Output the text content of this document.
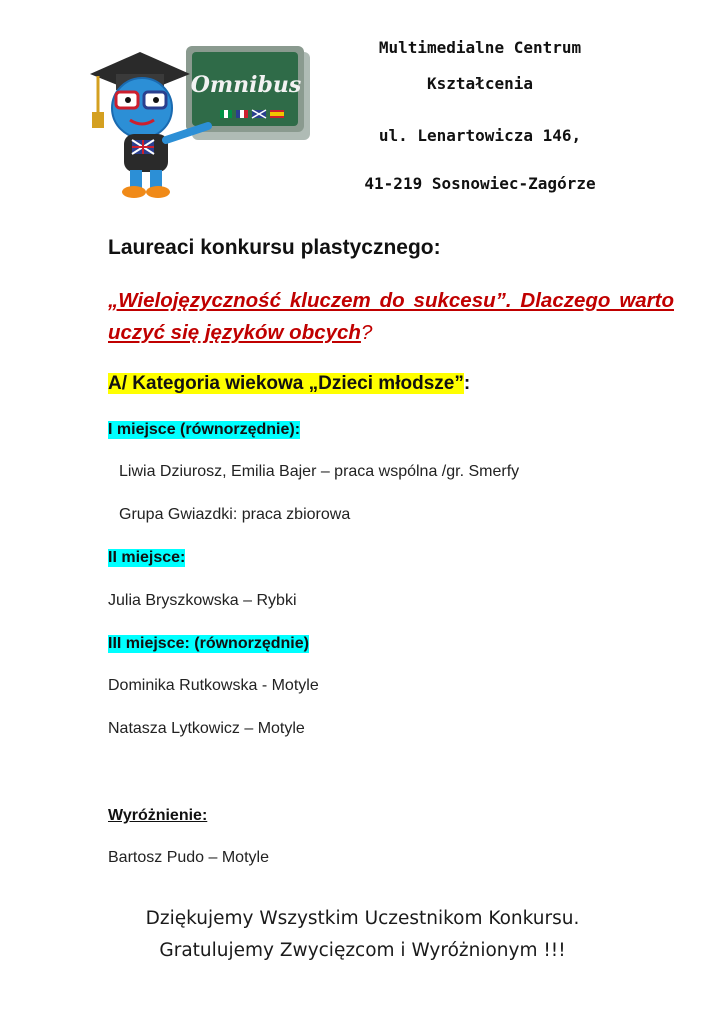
Omnibus
Multimedialne Centrum
Kształcenia
ul. Lenartowicza 146,
41-219 Sosnowiec-Zagórze
Laureaci konkursu plastycznego:
„Wielojęzyczność kluczem do sukcesu”. Dlaczego warto uczyć się języków obcych?
A/ Kategoria wiekowa „Dzieci młodsze”:
I miejsce (równorzędnie):
Liwia Dziurosz, Emilia Bajer – praca wspólna /gr. Smerfy
Grupa Gwiazdki: praca zbiorowa
II miejsce:
Julia Bryszkowska – Rybki
III miejsce: (równorzędnie)
Dominika Rutkowska - Motyle
Natasza Lytkowicz – Motyle
Wyróżnienie:
Bartosz Pudo – Motyle
Dziękujemy Wszystkim Uczestnikom Konkursu.
Gratulujemy Zwycięzcom i Wyróżnionym !!!
